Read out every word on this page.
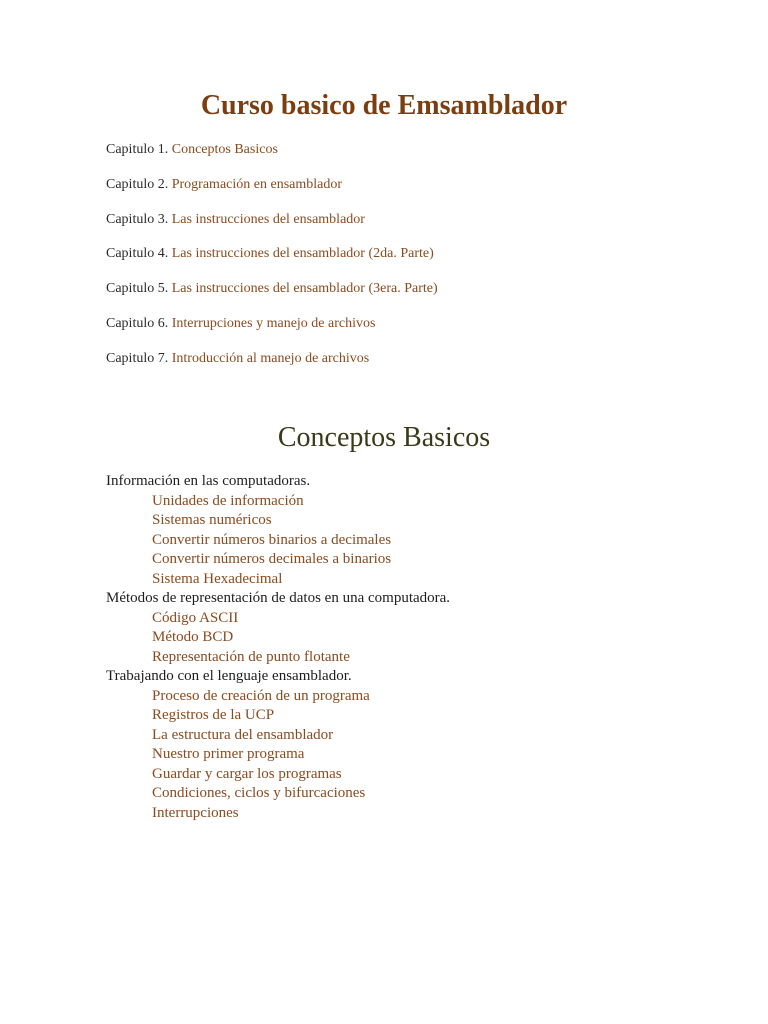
Curso basico de Emsamblador
Capitulo 1. Conceptos Basicos
Capitulo 2. Programación en ensamblador
Capitulo 3. Las instrucciones del ensamblador
Capitulo 4. Las instrucciones del ensamblador (2da. Parte)
Capitulo 5. Las instrucciones del ensamblador (3era. Parte)
Capitulo 6. Interrupciones y manejo de archivos
Capitulo 7. Introducción al manejo de archivos
Conceptos Basicos
Información en las computadoras.
Unidades de información
Sistemas numéricos
Convertir números binarios a decimales
Convertir números decimales a binarios
Sistema Hexadecimal
Métodos de representación de datos en una computadora.
Código ASCII
Método BCD
Representación de punto flotante
Trabajando con el lenguaje ensamblador.
Proceso de creación de un programa
Registros de la UCP
La estructura del ensamblador
Nuestro primer programa
Guardar y cargar los programas
Condiciones, ciclos y bifurcaciones
Interrupciones
